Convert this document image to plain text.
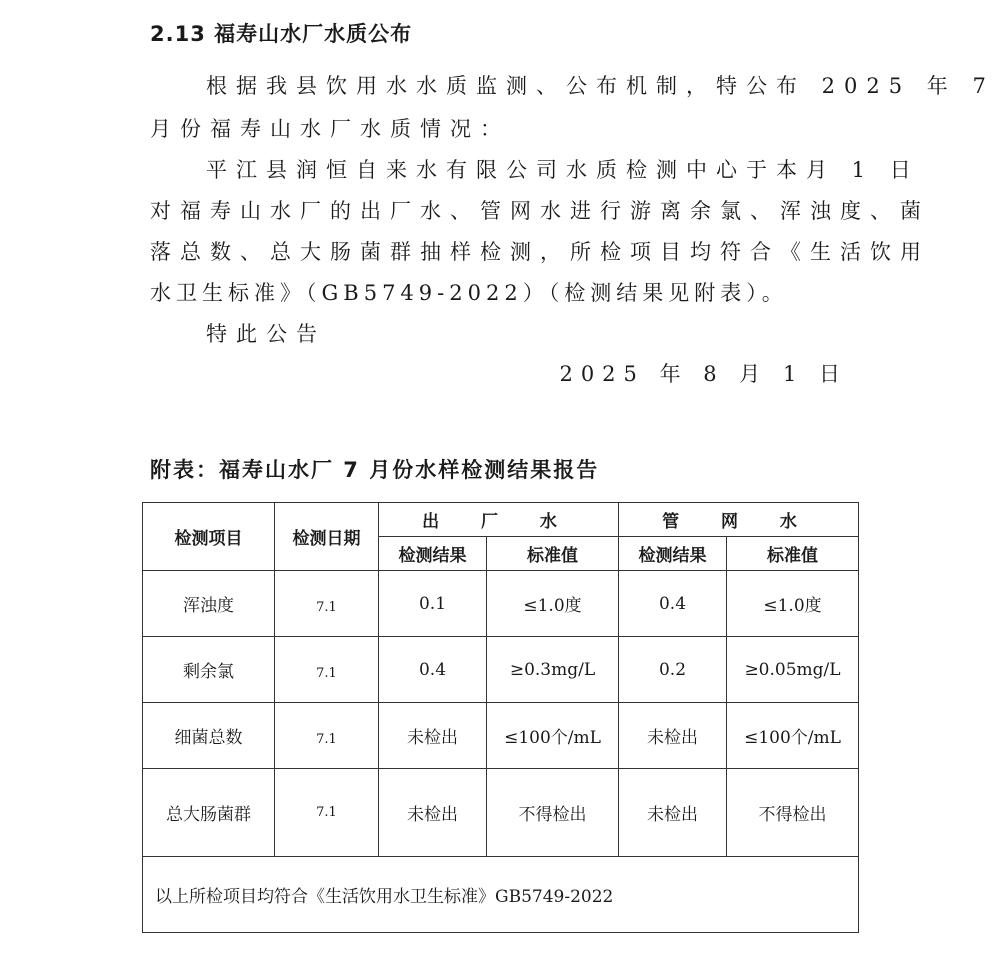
2.13 福寿山水厂水质公布
根据我县饮用水水质监测、公布机制，特公布 2025 年 7
月份福寿山水厂水质情况：
平江县润恒自来水有限公司水质检测中心于本月 1 日
对福寿山水厂的出厂水、管网水进行游离余氯、浑浊度、菌
落总数、总大肠菌群抽样检测，所检项目均符合《生活饮用
水卫生标准》（GB5749-2022）（检测结果见附表）。
特此公告
2025 年 8 月 1 日
附表：福寿山水厂 7 月份水样检测结果报告
检测项目	检测日期	出 厂 水		管 网 水	
		检测结果	标准值	检测结果	标准值
浑浊度	7.1	0.1	≤1.0度	0.4	≤1.0度
剩余氯	7.1	0.4	≥0.3mg/L	0.2	≥0.05mg/L
细菌总数	7.1	未检出	≤100个/mL	未检出	≤100个/mL
总大肠菌群	7.1	未检出	不得检出	未检出	不得检出
以上所检项目均符合《生活饮用水卫生标准》GB5749-2022					
